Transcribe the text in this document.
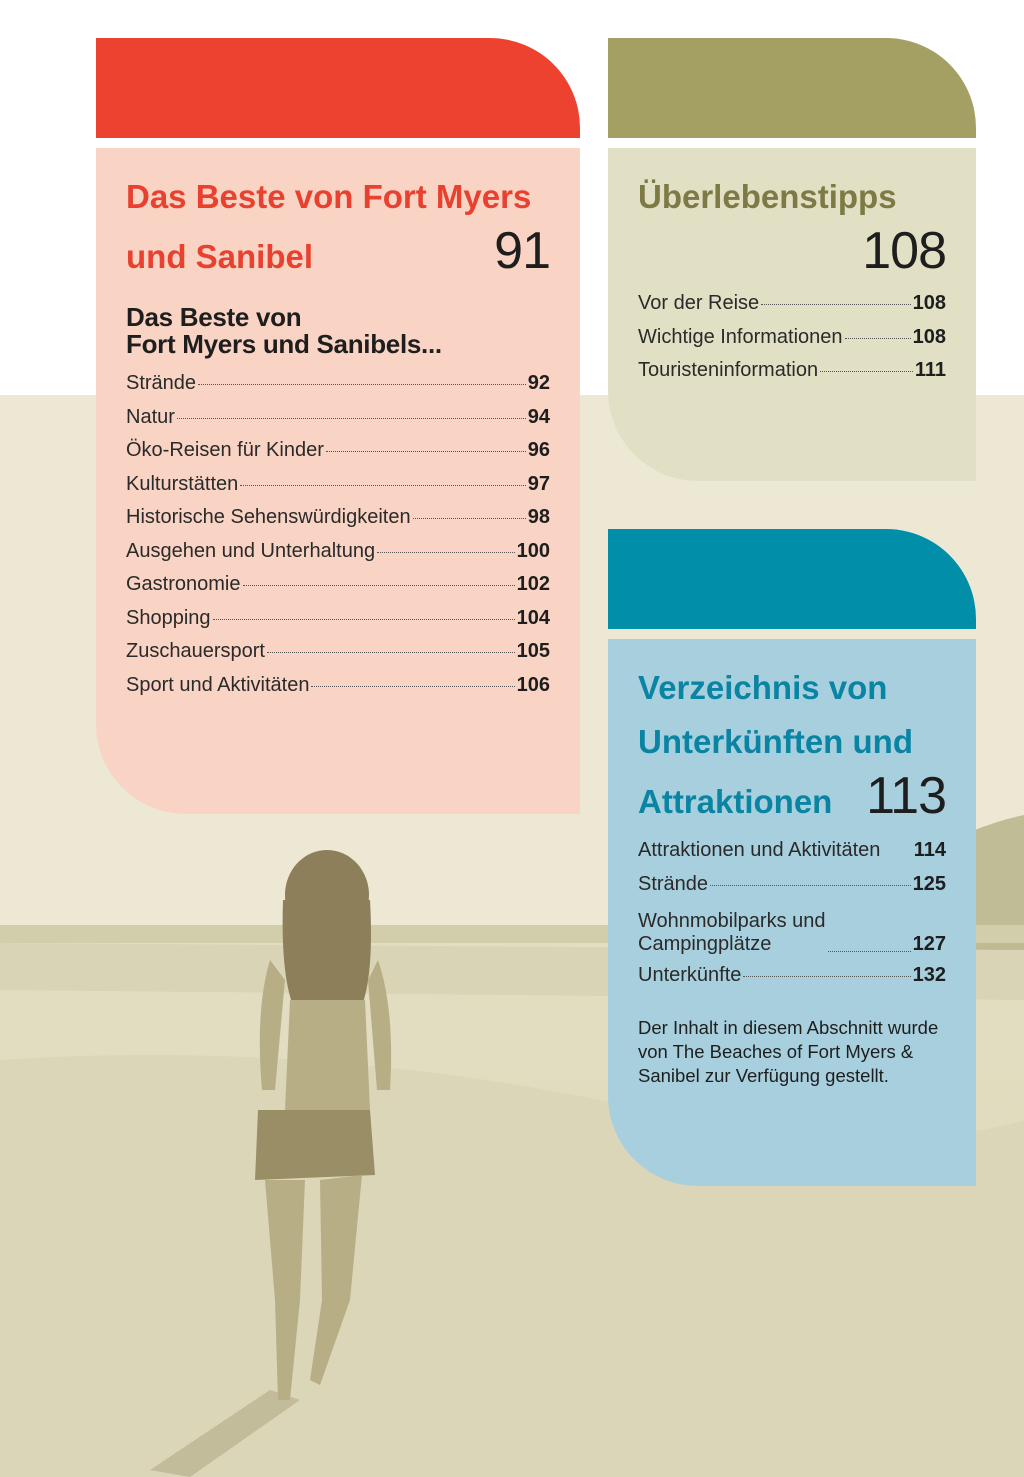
Das Beste von Fort Myers
und Sanibel	91
Das Beste von
Fort Myers und Sanibels...
Strände	92
Natur	94
Öko-Reisen für Kinder	96
Kulturstätten	97
Historische Sehenswürdigkeiten	98
Ausgehen und Unterhaltung	100
Gastronomie	102
Shopping	104
Zuschauersport	105
Sport und Aktivitäten	106
Überlebenstipps
108
Vor der Reise	108
Wichtige Informationen	108
Touristeninformation	111
Verzeichnis von
Unterkünften und
Attraktionen 113
Attraktionen und Aktivitäten 114
Strände	125
Wohnmobilparks und
Campingplätze	127
Unterkünfte	132
Der Inhalt in diesem Abschnitt wurde von The Beaches of Fort Myers & Sanibel zur Verfügung gestellt.
